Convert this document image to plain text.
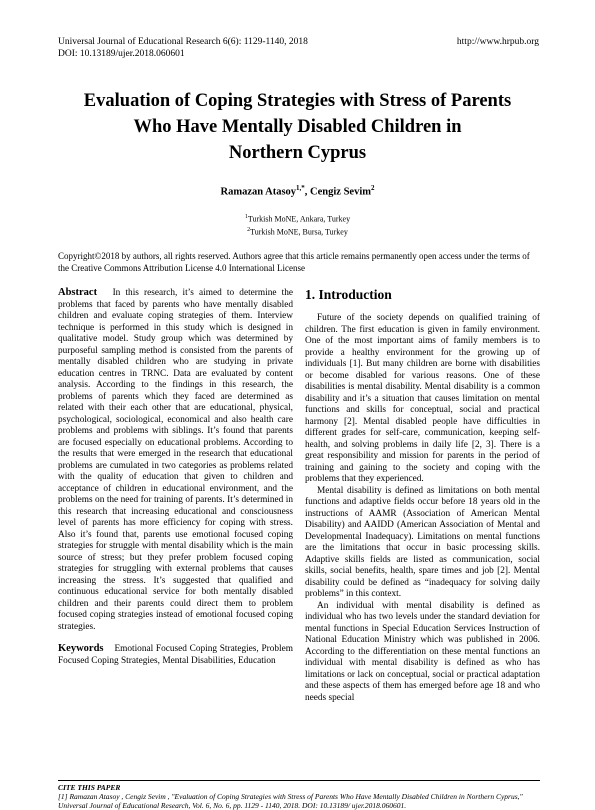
Universal Journal of Educational Research 6(6): 1129-1140, 2018
DOI: 10.13189/ujer.2018.060601
http://www.hrpub.org
Evaluation of Coping Strategies with Stress of Parents
Who Have Mentally Disabled Children in
Northern Cyprus
Ramazan Atasoy$^{1,*}$, Cengiz Sevim$^2$
$^1$Turkish MoNE, Ankara, Turkey
$^2$Turkish MoNE, Bursa, Turkey
Copyright©2018 by authors, all rights reserved. Authors agree that this article remains permanently open access under the terms of the Creative Commons Attribution License 4.0 International License

Abstract In this research, it’s aimed to determine the problems that faced by parents who have mentally disabled children and evaluate coping strategies of them. Interview technique is performed in this study which is designed in qualitative model. Study group which was determined by purposeful sampling method is consisted from the parents of mentally disabled children who are studying in private education centres in TRNC. Data are evaluated by content analysis. According to the findings in this research, the problems of parents which they faced are determined as related with their each other that are educational, physical, psychological, sociological, economical and also health care problems and problems with siblings. It’s found that parents are focused especially on educational problems. According to the results that were emerged in the research that educational problems are cumulated in two categories as problems related with the quality of education that given to children and acceptance of children in educational environment, and the problems on the need for training of parents. It’s determined in this research that increasing educational and consciousness level of parents has more efficiency for coping with stress. Also it’s found that, parents use emotional focused coping strategies for struggle with mental disability which is the main source of stress; but they prefer problem focused coping strategies for struggling with external problems that causes increasing the stress. It’s suggested that qualified and continuous educational service for both mentally disabled children and their parents could direct them to problem focused coping strategies instead of emotional focused coping strategies.

Keywords Emotional Focused Coping Strategies, Problem Focused Coping Strategies, Mental Disabilities, Education

1. Introduction

Future of the society depends on qualified training of children. The first education is given in family environment. One of the most important aims of family members is to provide a healthy environment for the growing up of individuals [1]. But many children are borne with disabilities or become disabled for various reasons. One of these disabilities is mental disability. Mental disability is a common disability and it’s a situation that causes limitation on mental functions and skills for conceptual, social and practical harmony [2]. Mental disabled people have difficulties in different grades for self-care, communication, keeping self-health, and solving problems in daily life [2, 3]. There is a great responsibility and mission for parents in the period of training and gaining to the society and coping with the problems that they experienced.

Mental disability is defined as limitations on both mental functions and adaptive fields occur before 18 years old in the instructions of AAMR (Association of American Mental Disability) and AAIDD (American Association of Mental and Developmental Inadequacy). Limitations on mental functions are the limitations that occur in basic processing skills. Adaptive skills fields are listed as communication, social skills, social benefits, health, spare times and job [2]. Mental disability could be defined as “inadequacy for solving daily problems” in this context.

An individual with mental disability is defined as individual who has two levels under the standard deviation for mental functions in Special Education Services Instruction of National Education Ministry which was published in 2006. According to the differentiation on these mental functions an individual with mental disability is defined as who has limitations or lack on conceptual, social or practical adaptation and these aspects of them has emerged before age 18 and who needs special

CITE THIS PAPER
[1] Ramazan Atasoy , Cengiz Sevim , "Evaluation of Coping Strategies with Stress of Parents Who Have Mentally Disabled Children in Northern Cyprus," Universal Journal of Educational Research, Vol. 6, No. 6, pp. 1129 - 1140, 2018. DOI: 10.13189/ ujer.2018.060601.
